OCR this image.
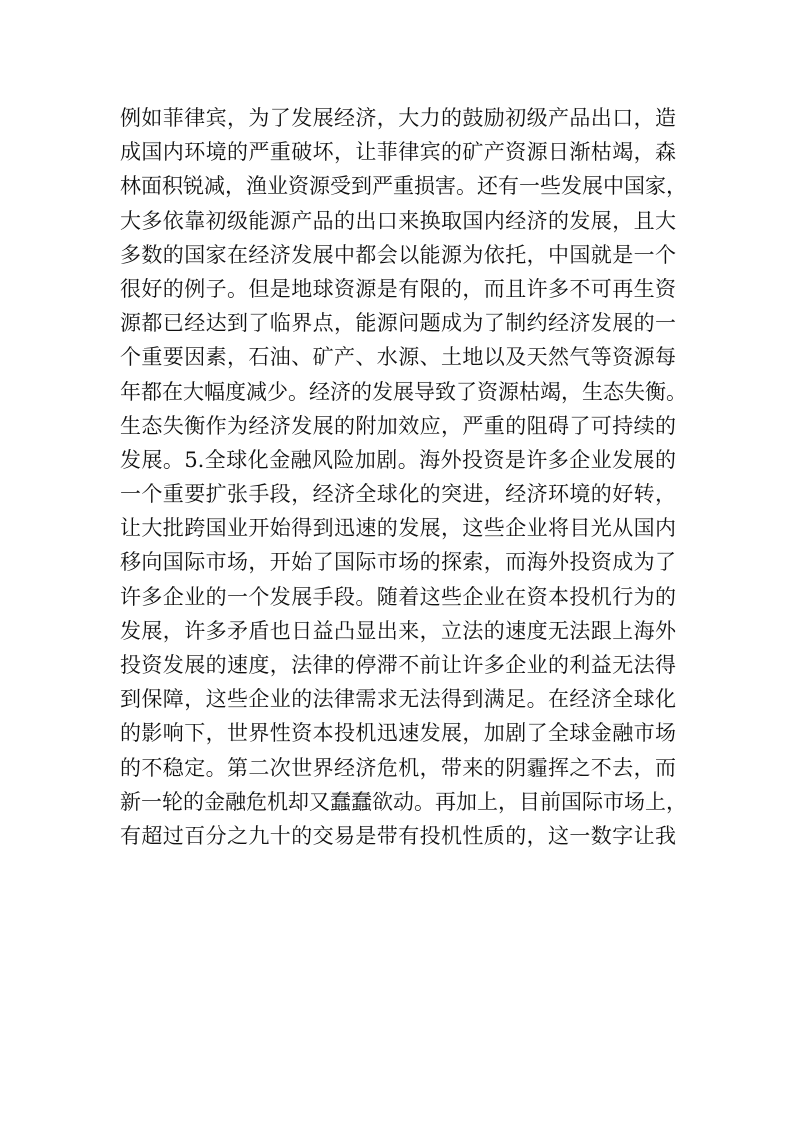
例如菲律宾，为了发展经济，大力的鼓励初级产品出口，造
成国内环境的严重破坏，让菲律宾的矿产资源日渐枯竭，森
林面积锐减，渔业资源受到严重损害。还有一些发展中国家，
大多依靠初级能源产品的出口来换取国内经济的发展，且大
多数的国家在经济发展中都会以能源为依托，中国就是一个
很好的例子。但是地球资源是有限的，而且许多不可再生资
源都已经达到了临界点，能源问题成为了制约经济发展的一
个重要因素，石油、矿产、水源、土地以及天然气等资源每
年都在大幅度减少。经济的发展导致了资源枯竭，生态失衡。
生态失衡作为经济发展的附加效应，严重的阻碍了可持续的
发展。5.全球化金融风险加剧。海外投资是许多企业发展的
一个重要扩张手段，经济全球化的突进，经济环境的好转，
让大批跨国业开始得到迅速的发展，这些企业将目光从国内
移向国际市场，开始了国际市场的探索，而海外投资成为了
许多企业的一个发展手段。随着这些企业在资本投机行为的
发展，许多矛盾也日益凸显出来，立法的速度无法跟上海外
投资发展的速度，法律的停滞不前让许多企业的利益无法得
到保障，这些企业的法律需求无法得到满足。在经济全球化
的影响下，世界性资本投机迅速发展，加剧了全球金融市场
的不稳定。第二次世界经济危机，带来的阴霾挥之不去，而
新一轮的金融危机却又蠢蠢欲动。再加上，目前国际市场上，
有超过百分之九十的交易是带有投机性质的，这一数字让我
